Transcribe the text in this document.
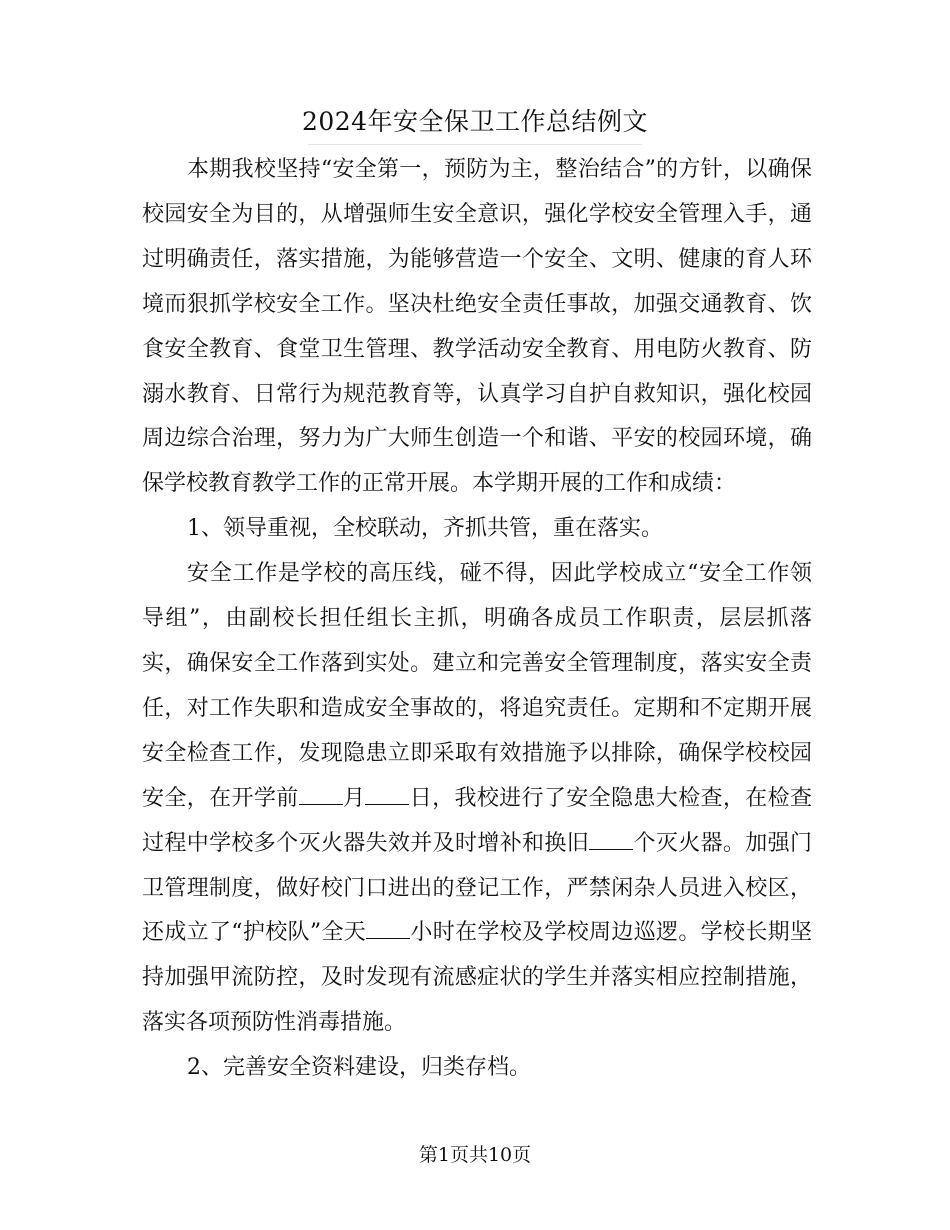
2024年安全保卫工作总结例文

本期我校坚持“安全第一，预防为主，整治结合”的方针，以确保校园安全为目的，从增强师生安全意识，强化学校安全管理入手，通过明确责任，落实措施，为能够营造一个安全、文明、健康的育人环境而狠抓学校安全工作。坚决杜绝安全责任事故，加强交通教育、饮食安全教育、食堂卫生管理、教学活动安全教育、用电防火教育、防溺水教育、日常行为规范教育等，认真学习自护自救知识，强化校园周边综合治理，努力为广大师生创造一个和谐、平安的校园环境，确保学校教育教学工作的正常开展。本学期开展的工作和成绩：

1、领导重视，全校联动，齐抓共管，重在落实。

安全工作是学校的高压线，碰不得，因此学校成立“安全工作领导组”，由副校长担任组长主抓，明确各成员工作职责，层层抓落实，确保安全工作落到实处。建立和完善安全管理制度，落实安全责任，对工作失职和造成安全事故的，将追究责任。定期和不定期开展安全检查工作，发现隐患立即采取有效措施予以排除，确保学校校园安全，在开学前 月 日，我校进行了安全隐患大检查，在检查过程中学校多个灭火器失效并及时增补和换旧 个灭火器。加强门卫管理制度，做好校门口进出的登记工作，严禁闲杂人员进入校区，还成立了“护校队”全天 小时在学校及学校周边巡逻。学校长期坚持加强甲流防控，及时发现有流感症状的学生并落实相应控制措施，落实各项预防性消毒措施。

2、完善安全资料建设，归类存档。

第1页共10页
